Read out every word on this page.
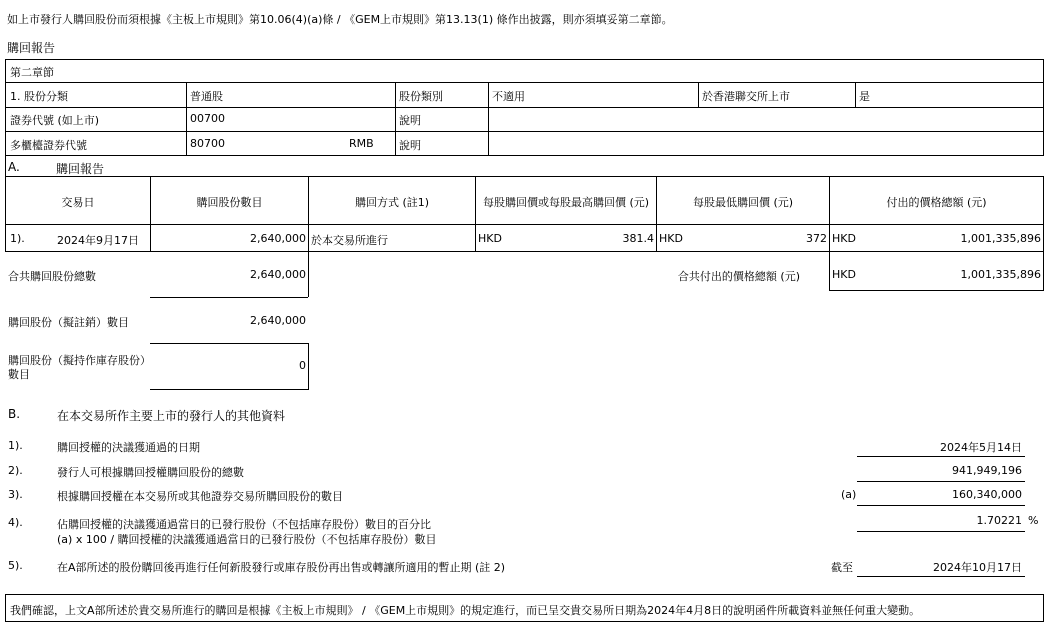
如上市發行人購回股份而須根據《主板上市規則》第10.06(4)(a)條 / 《GEM上市規則》第13.13(1) 條作出披露，則亦須填妥第二章節。
購回報告
第二章節
1. 股份分類	普通股	股份類別	不適用	於香港聯交所上市	是
證券代號 (如上市)	00700	說明
多櫃檯證券代號	80700	RMB 說明
A.	購回報告
交易日	購回股份數目	購回方式 (註1)	每股購回價或每股最高購回價 (元)	每股最低購回價 (元)	付出的價格總額 (元)
1).	2024年9月17日	2,640,000 於本交易所進行	HKD	381.4 HKD	372 HKD	1,001,335,896
合共購回股份總數	2,640,000	合共付出的價格總額 (元)	HKD	1,001,335,896
購回股份（擬註銷）數目	2,640,000
購回股份（擬持作庫存股份）
數目
0
B.	在本交易所作主要上市的發行人的其他資料
1).	購回授權的決議獲通過的日期	2024年5月14日
2).	發行人可根據購回授權購回股份的總數	941,949,196
3).	根據購回授權在本交易所或其他證券交易所購回股份的數目	(a)	160,340,000
4).	佔購回授權的決議獲通過當日的已發行股份（不包括庫存股份）數目的百分比
(a) x 100 / 購回授權的決議獲通過當日的已發行股份（不包括庫存股份）數目
1.70221 %
5).	在A部所述的股份購回後再進行任何新股發行或庫存股份再出售或轉讓所適用的暫止期 (註 2)	截至	2024年10月17日
我們確認，上文A部所述於貴交易所進行的購回是根據《主板上市規則》 / 《GEM上市規則》的規定進行，而已呈交貴交易所日期為2024年4月8日的說明函件所載資料並無任何重大變動。
